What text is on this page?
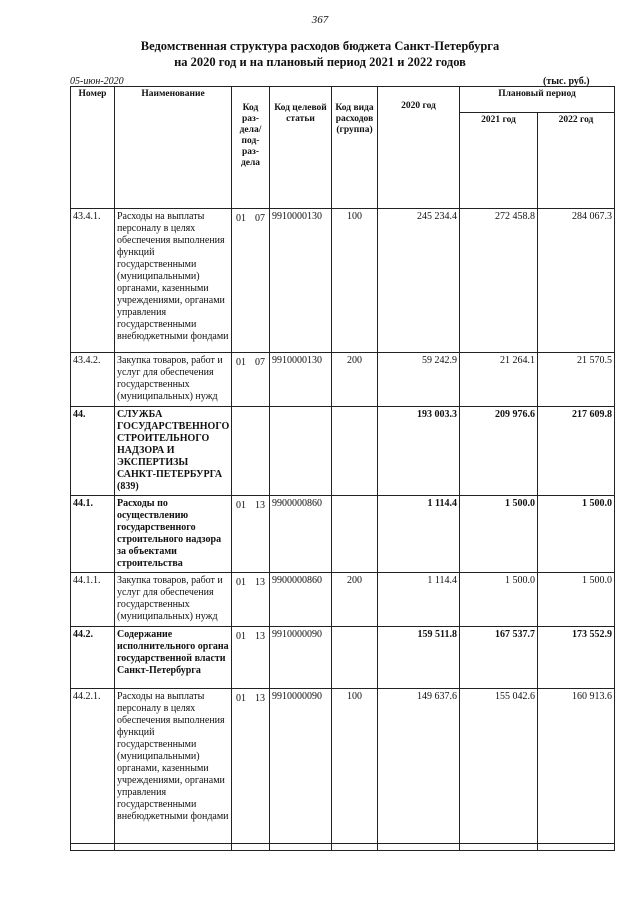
367
Ведомственная структура расходов бюджета Санкт-Петербурга
на 2020 год и на плановый период 2021 и 2022 годов
05-июн-2020	(тыс. руб.)
Номер	Наименование	Код раз- дела/ под- раз- дела	Код целевой статьи	Код вида расходов (группа)	2020 год	Плановый период	
						2021 год	2022 год
43.4.1.	Расходы на выплаты персоналу в целях обеспечения выполнения функций государственными (муниципальными) органами, казенными учреждениями, органами управления государственными внебюджетными фондами	01 07	9910000130	100	245 234.4	272 458.8	284 067.3
43.4.2.	Закупка товаров, работ и услуг для обеспечения государственных (муниципальных) нужд	01 07	9910000130	200	59 242.9	21 264.1	21 570.5
44.	СЛУЖБА ГОСУДАРСТВЕННОГО СТРОИТЕЛЬНОГО НАДЗОРА И ЭКСПЕРТИЗЫ САНКТ-ПЕТЕРБУРГА (839)				193 003.3	209 976.6	217 609.8
44.1.	Расходы по осуществлению государственного строительного надзора за объектами строительства	01 13	9900000860		1 114.4	1 500.0	1 500.0
44.1.1.	Закупка товаров, работ и услуг для обеспечения государственных (муниципальных) нужд	01 13	9900000860	200	1 114.4	1 500.0	1 500.0
44.2.	Содержание исполнительного органа государственной власти Санкт-Петербурга	01 13	9910000090		159 511.8	167 537.7	173 552.9
44.2.1.	Расходы на выплаты персоналу в целях обеспечения выполнения функций государственными (муниципальными) органами, казенными учреждениями, органами управления государственными внебюджетными фондами	01 13	9910000090	100	149 637.6	155 042.6	160 913.6
